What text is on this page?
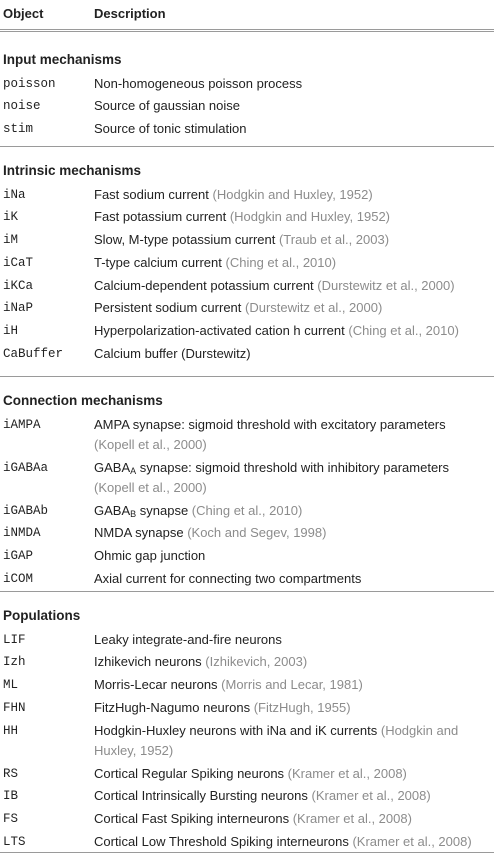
Object	Description
Input mechanisms
poisson	Non-homogeneous poisson process
noise	Source of gaussian noise
stim	Source of tonic stimulation
Intrinsic mechanisms
iNa	Fast sodium current (Hodgkin and Huxley, 1952)
iK	Fast potassium current (Hodgkin and Huxley, 1952)
iM	Slow, M-type potassium current (Traub et al., 2003)
iCaT	T-type calcium current (Ching et al., 2010)
iKCa	Calcium-dependent potassium current (Durstewitz et al., 2000)
iNaP	Persistent sodium current (Durstewitz et al., 2000)
iH	Hyperpolarization-activated cation h current (Ching et al., 2010)
CaBuffer Calcium buffer (Durstewitz)
Connection mechanisms
iAMPA	AMPA synapse: sigmoid threshold with excitatory parameters
(Kopell et al., 2000)
iGABAa	$GABA_A$ synapse: sigmoid threshold with inhibitory parameters
(Kopell et al., 2000)
iGABAb	$GABA_B$ synapse (Ching et al., 2010)
iNMDA	NMDA synapse (Koch and Segev, 1998)
iGAP	Ohmic gap junction
iCOM	Axial current for connecting two compartments
Populations
LIF	Leaky integrate-and-fire neurons
Izh	Izhikevich neurons (Izhikevich, 2003)
ML	Morris-Lecar neurons (Morris and Lecar, 1981)
FHN	FitzHugh-Nagumo neurons (FitzHugh, 1955)
HH	Hodgkin-Huxley neurons with iNa and iK currents (Hodgkin and
Huxley, 1952)
RS	Cortical Regular Spiking neurons (Kramer et al., 2008)
IB	Cortical Intrinsically Bursting neurons (Kramer et al., 2008)
FS	Cortical Fast Spiking interneurons (Kramer et al., 2008)
LTS	Cortical Low Threshold Spiking interneurons (Kramer et al., 2008)
